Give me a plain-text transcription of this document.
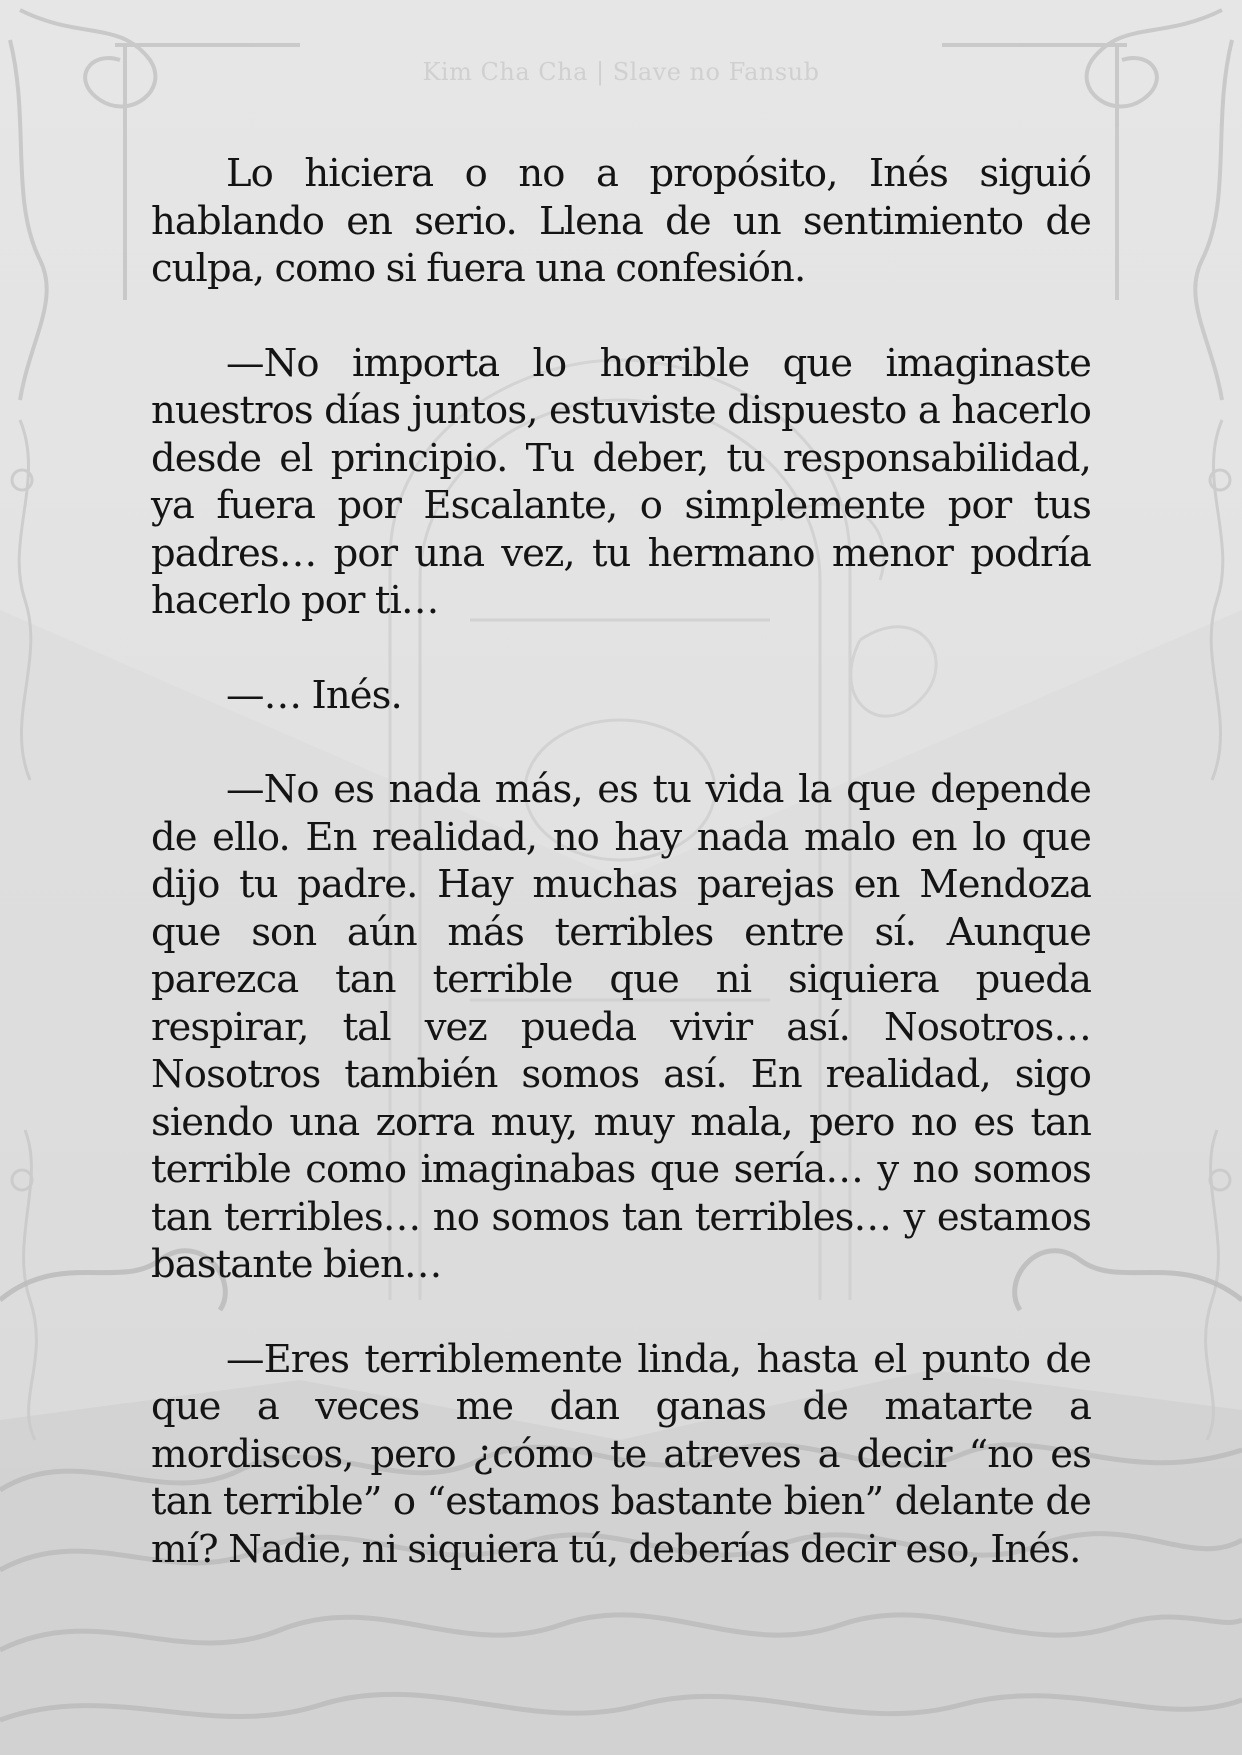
Kim Cha Cha | Slave no Fansub

Lo hiciera o no a propósito, Inés siguió hablando en serio. Llena de un sentimiento de culpa, como si fuera una confesión.

—No importa lo horrible que imaginaste nuestros días juntos, estuviste dispuesto a hacerlo desde el principio. Tu deber, tu responsabilidad, ya fuera por Escalante, o simplemente por tus padres… por una vez, tu hermano menor podría hacerlo por ti…

—… Inés.

—No es nada más, es tu vida la que depende de ello. En realidad, no hay nada malo en lo que dijo tu padre. Hay muchas parejas en Mendoza que son aún más terribles entre sí. Aunque parezca tan terrible que ni siquiera pueda respirar, tal vez pueda vivir así. Nosotros… Nosotros también somos así. En realidad, sigo siendo una zorra muy, muy mala, pero no es tan terrible como imaginabas que sería… y no somos tan terribles… no somos tan terribles… y estamos bastante bien…

—Eres terriblemente linda, hasta el punto de que a veces me dan ganas de matarte a mordiscos, pero ¿cómo te atreves a decir “no es tan terrible” o “estamos bastante bien” delante de mí? Nadie, ni siquiera tú, deberías decir eso, Inés.
